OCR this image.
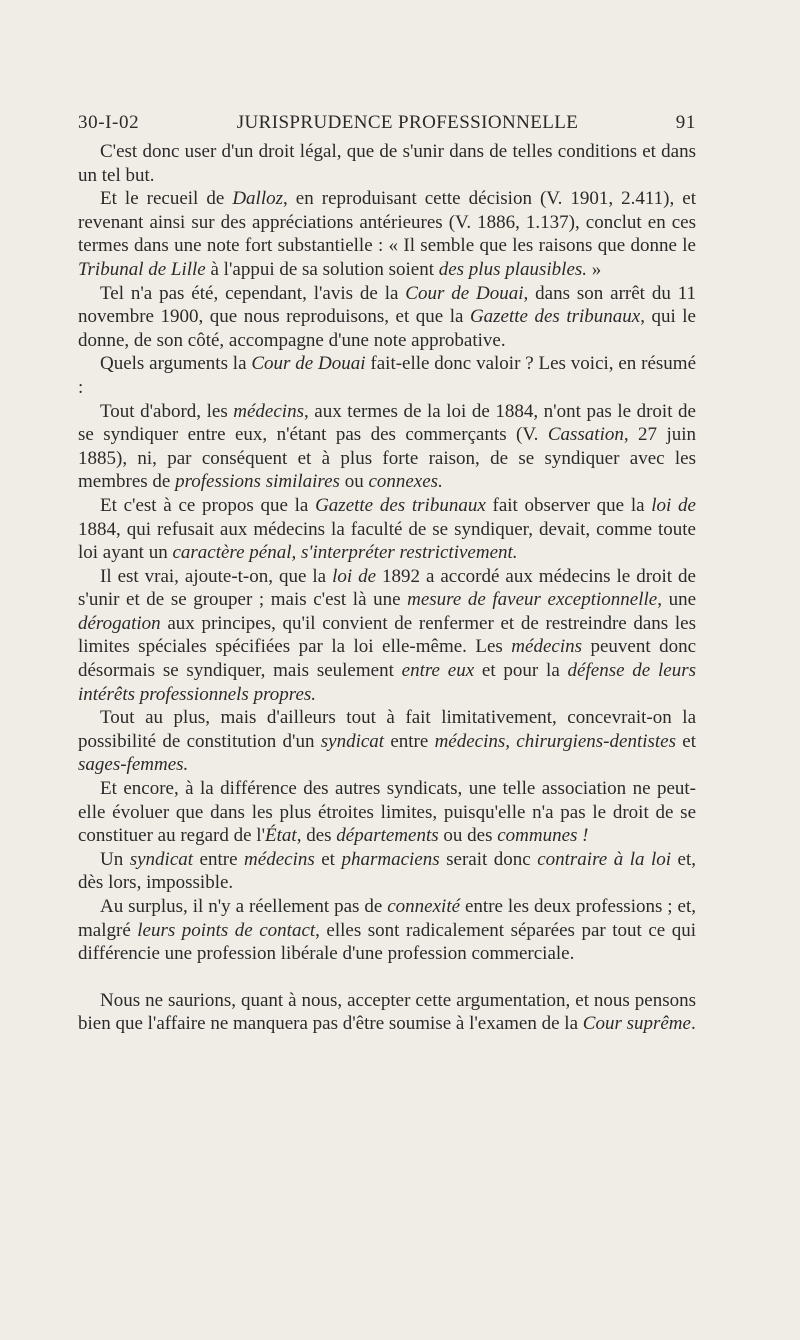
30-I-02	JURISPRUDENCE PROFESSIONNELLE	91

C'est donc user d'un droit légal, que de s'unir dans de telles conditions et dans un tel but.

Et le recueil de Dalloz, en reproduisant cette décision (V. 1901, 2.411), et revenant ainsi sur des appréciations antérieures (V. 1886, 1.137), conclut en ces termes dans une note fort substantielle : « Il semble que les raisons que donne le Tribunal de Lille à l'appui de sa solution soient des plus plausibles. »

Tel n'a pas été, cependant, l'avis de la Cour de Douai, dans son arrêt du 11 novembre 1900, que nous reproduisons, et que la Gazette des tribunaux, qui le donne, de son côté, accompagne d'une note approbative.

Quels arguments la Cour de Douai fait-elle donc valoir ? Les voici, en résumé :

Tout d'abord, les médecins, aux termes de la loi de 1884, n'ont pas le droit de se syndiquer entre eux, n'étant pas des commerçants (V. Cassation, 27 juin 1885), ni, par conséquent et à plus forte raison, de se syndiquer avec les membres de professions similaires ou connexes.

Et c'est à ce propos que la Gazette des tribunaux fait observer que la loi de 1884, qui refusait aux médecins la faculté de se syndiquer, devait, comme toute loi ayant un caractère pénal, s'interpréter restrictivement.

Il est vrai, ajoute-t-on, que la loi de 1892 a accordé aux médecins le droit de s'unir et de se grouper ; mais c'est là une mesure de faveur exceptionnelle, une dérogation aux principes, qu'il convient de renfermer et de restreindre dans les limites spéciales spécifiées par la loi elle-même. Les médecins peuvent donc désormais se syndiquer, mais seulement entre eux et pour la défense de leurs intérêts professionnels propres.

Tout au plus, mais d'ailleurs tout à fait limitativement, concevrait-on la possibilité de constitution d'un syndicat entre médecins, chirurgiens-dentistes et sages-femmes.

Et encore, à la différence des autres syndicats, une telle association ne peut-elle évoluer que dans les plus étroites limites, puisqu'elle n'a pas le droit de se constituer au regard de l'État, des départements ou des communes !

Un syndicat entre médecins et pharmaciens serait donc contraire à la loi et, dès lors, impossible.

Au surplus, il n'y a réellement pas de connexité entre les deux professions ; et, malgré leurs points de contact, elles sont radicalement séparées par tout ce qui différencie une profession libérale d'une profession commerciale.

Nous ne saurions, quant à nous, accepter cette argumentation, et nous pensons bien que l'affaire ne manquera pas d'être soumise à l'examen de la Cour suprême.
